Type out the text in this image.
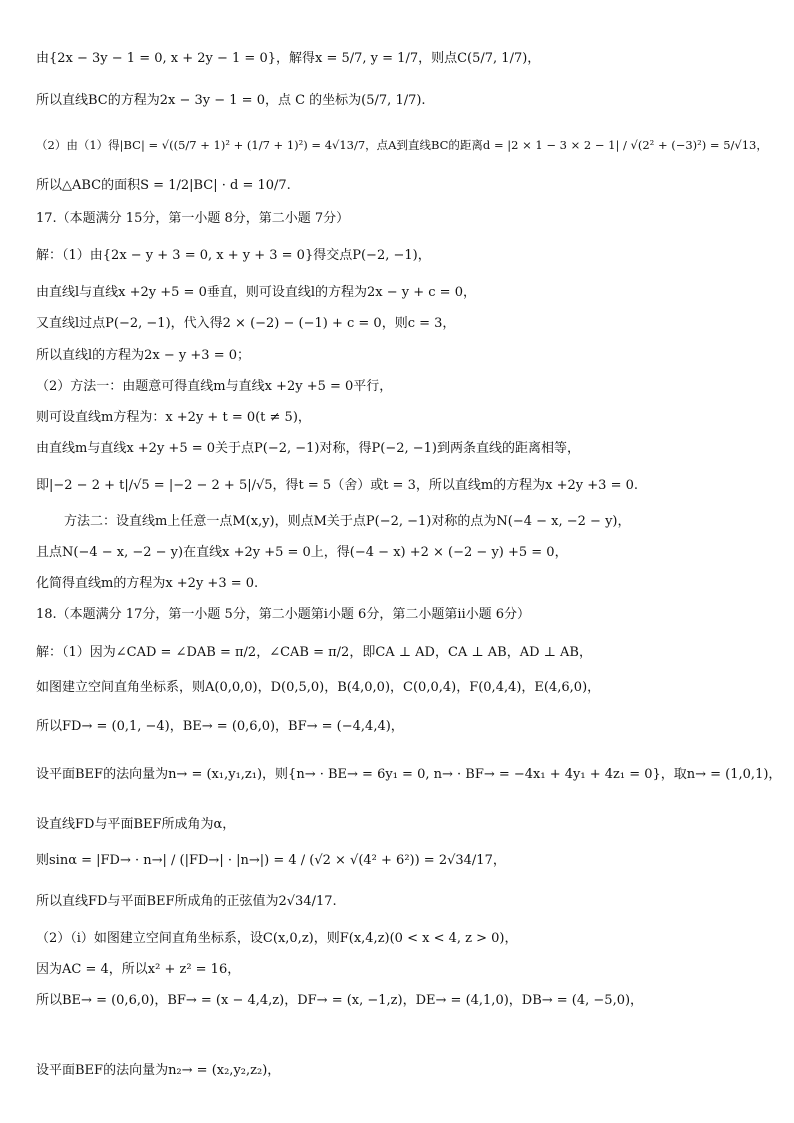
由{2x − 3y − 1 = 0, x + 2y − 1 = 0}，解得x = 5/7, y = 1/7，则点C(5/7, 1/7)，
所以直线BC的方程为2x − 3y − 1 = 0，点 C 的坐标为(5/7, 1/7).
（2）由（1）得|BC| = √((5/7 + 1)² + (1/7 + 1)²) = 4√13/7，点A到直线BC的距离d = |2 × 1 − 3 × 2 − 1| / √(2² + (−3)²) = 5/√13，
所以△ABC的面积S = 1/2|BC| · d = 10/7.
17.（本题满分 15分，第一小题 8分，第二小题 7分）
解：（1）由{2x − y + 3 = 0, x + y + 3 = 0}得交点P(−2, −1)，
由直线l与直线x +2y +5 = 0垂直，则可设直线l的方程为2x − y + c = 0，
又直线l过点P(−2, −1)，代入得2 × (−2) − (−1) + c = 0，则c = 3，
所以直线l的方程为2x − y +3 = 0；
（2）方法一：由题意可得直线m与直线x +2y +5 = 0平行，
则可设直线m方程为：x +2y + t = 0(t ≠ 5)，
由直线m与直线x +2y +5 = 0关于点P(−2, −1)对称，得P(−2, −1)到两条直线的距离相等，
即|−2 − 2 + t|/√5 = |−2 − 2 + 5|/√5，得t = 5（舍）或t = 3，所以直线m的方程为x +2y +3 = 0.
方法二：设直线m上任意一点M(x,y)，则点M关于点P(−2, −1)对称的点为N(−4 − x, −2 − y)，
且点N(−4 − x, −2 − y)在直线x +2y +5 = 0上，得(−4 − x) +2 × (−2 − y) +5 = 0，
化简得直线m的方程为x +2y +3 = 0.
18.（本题满分 17分，第一小题 5分，第二小题第ⅰ小题 6分，第二小题第ⅱ小题 6分）
解：（1）因为∠CAD = ∠DAB = π/2，∠CAB = π/2，即CA ⊥ AD，CA ⊥ AB，AD ⊥ AB，
如图建立空间直角坐标系，则A(0,0,0)，D(0,5,0)，B(4,0,0)，C(0,0,4)，F(0,4,4)，E(4,6,0)，
所以FD→ = (0,1, −4)，BE→ = (0,6,0)，BF→ = (−4,4,4)，
设平面BEF的法向量为n→ = (x₁,y₁,z₁)，则{n→ · BE→ = 6y₁ = 0, n→ · BF→ = −4x₁ + 4y₁ + 4z₁ = 0}，取n→ = (1,0,1)，
设直线FD与平面BEF所成角为α，
则sinα = |FD→ · n→| / (|FD→| · |n→|) = 4 / (√2 × √(4² + 6²)) = 2√34/17，
所以直线FD与平面BEF所成角的正弦值为2√34/17.
（2）（ⅰ）如图建立空间直角坐标系，设C(x,0,z)，则F(x,4,z)(0 < x < 4, z > 0)，
因为AC = 4，所以x² + z² = 16，
所以BE→ = (0,6,0)，BF→ = (x − 4,4,z)，DF→ = (x, −1,z)，DE→ = (4,1,0)，DB→ = (4, −5,0)，
设平面BEF的法向量为n₂→ = (x₂,y₂,z₂)，
